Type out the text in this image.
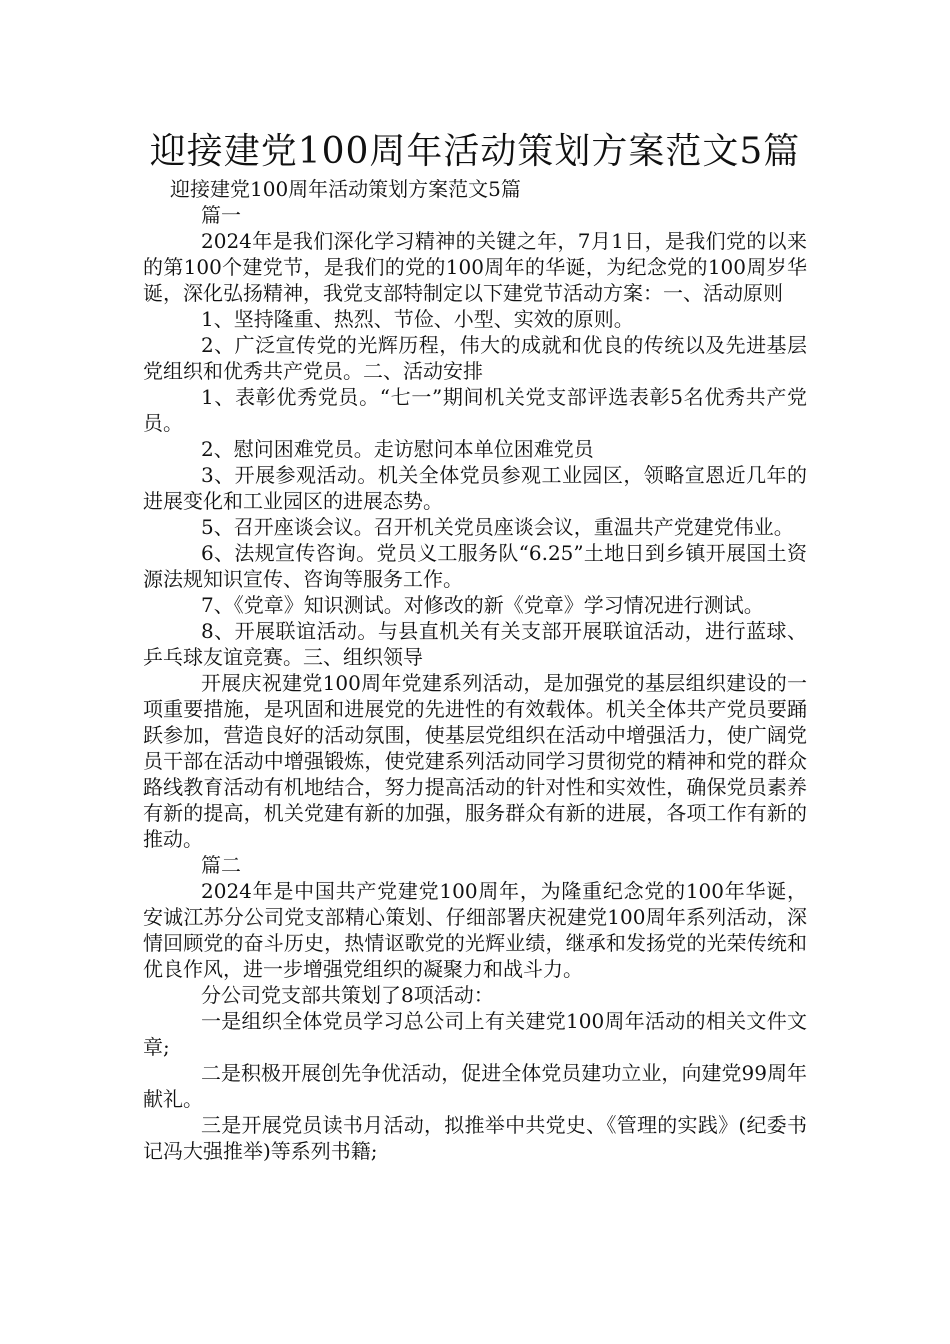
迎接建党100周年活动策划方案范文5篇

迎接建党100周年活动策划方案范文5篇

篇一

2024年是我们深化学习精神的关键之年，7月1日，是我们党的以来的第100个建党节，是我们的党的100周年的华诞，为纪念党的100周岁华诞，深化弘扬精神，我党支部特制定以下建党节活动方案：一、活动原则

1、坚持隆重、热烈、节俭、小型、实效的原则。

2、广泛宣传党的光辉历程，伟大的成就和优良的传统以及先进基层党组织和优秀共产党员。二、活动安排

1、表彰优秀党员。“七一”期间机关党支部评选表彰5名优秀共产党员。

2、慰问困难党员。走访慰问本单位困难党员

3、开展参观活动。机关全体党员参观工业园区，领略宣恩近几年的进展变化和工业园区的进展态势。

5、召开座谈会议。召开机关党员座谈会议，重温共产党建党伟业。

6、法规宣传咨询。党员义工服务队“6.25”土地日到乡镇开展国土资源法规知识宣传、咨询等服务工作。

7、《党章》知识测试。对修改的新《党章》学习情况进行测试。

8、开展联谊活动。与县直机关有关支部开展联谊活动，进行蓝球、乒乓球友谊竞赛。三、组织领导

开展庆祝建党100周年党建系列活动，是加强党的基层组织建设的一项重要措施，是巩固和进展党的先进性的有效载体。机关全体共产党员要踊跃参加，营造良好的活动氛围，使基层党组织在活动中增强活力，使广阔党员干部在活动中增强锻炼，使党建系列活动同学习贯彻党的精神和党的群众路线教育活动有机地结合，努力提高活动的针对性和实效性，确保党员素养有新的提高，机关党建有新的加强，服务群众有新的进展，各项工作有新的推动。

篇二

2024年是中国共产党建党100周年，为隆重纪念党的100年华诞，安诚江苏分公司党支部精心策划、仔细部署庆祝建党100周年系列活动，深情回顾党的奋斗历史，热情讴歌党的光辉业绩，继承和发扬党的光荣传统和优良作风，进一步增强党组织的凝聚力和战斗力。

分公司党支部共策划了8项活动：

一是组织全体党员学习总公司上有关建党100周年活动的相关文件文章;

二是积极开展创先争优活动，促进全体党员建功立业，向建党99周年献礼。

三是开展党员读书月活动，拟推举中共党史、《管理的实践》(纪委书记冯大强推举)等系列书籍;
